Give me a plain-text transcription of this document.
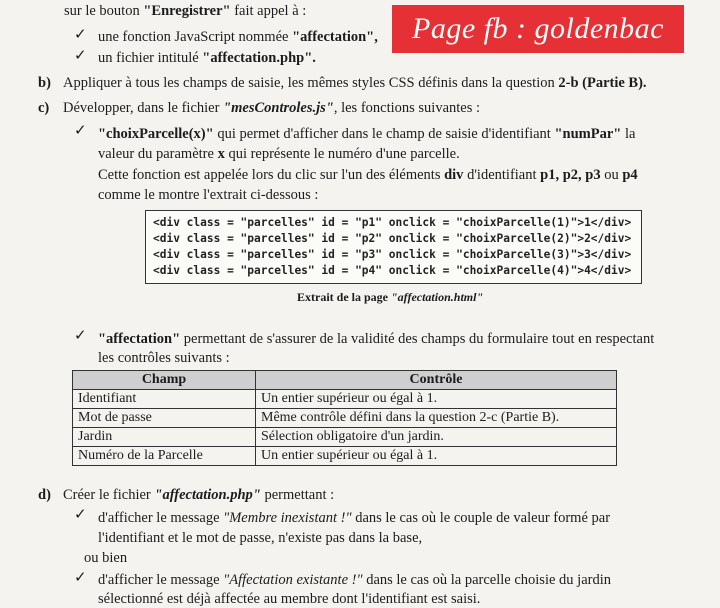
Page fb : goldenbac
sur le bouton "Enregistrer" fait appel à :
✓ une fonction JavaScript nommée "affectation",
✓ un fichier intitulé "affectation.php".
b) Appliquer à tous les champs de saisie, les mêmes styles CSS définis dans la question 2-b (Partie B).
c) Développer, dans le fichier "mesControles.js", les fonctions suivantes :
✓ "choixParcelle(x)" qui permet d'afficher dans le champ de saisie d'identifiant "numPar" la
valeur du paramètre x qui représente le numéro d'une parcelle.
Cette fonction est appelée lors du clic sur l'un des éléments div d'identifiant p1, p2, p3 ou p4
comme le montre l'extrait ci-dessous :
<div class = "parcelles" id = "p1" onclick = "choixParcelle(1)">1</div>
<div class = "parcelles" id = "p2" onclick = "choixParcelle(2)">2</div>
<div class = "parcelles" id = "p3" onclick = "choixParcelle(3)">3</div>
<div class = "parcelles" id = "p4" onclick = "choixParcelle(4)">4</div>
Extrait de la page "affectation.html"
✓ "affectation" permettant de s'assurer de la validité des champs du formulaire tout en respectant
les contrôles suivants :
Champ	Contrôle
Identifiant	Un entier supérieur ou égal à 1.
Mot de passe	Même contrôle défini dans la question 2-c (Partie B).
Jardin	Sélection obligatoire d'un jardin.
Numéro de la Parcelle	Un entier supérieur ou égal à 1.
d) Créer le fichier "affectation.php" permettant :
✓ d'afficher le message "Membre inexistant !" dans le cas où le couple de valeur formé par
l'identifiant et le mot de passe, n'existe pas dans la base,
ou bien
✓ d'afficher le message "Affectation existante !" dans le cas où la parcelle choisie du jardin
sélectionné est déjà affectée au membre dont l'identifiant est saisi.
